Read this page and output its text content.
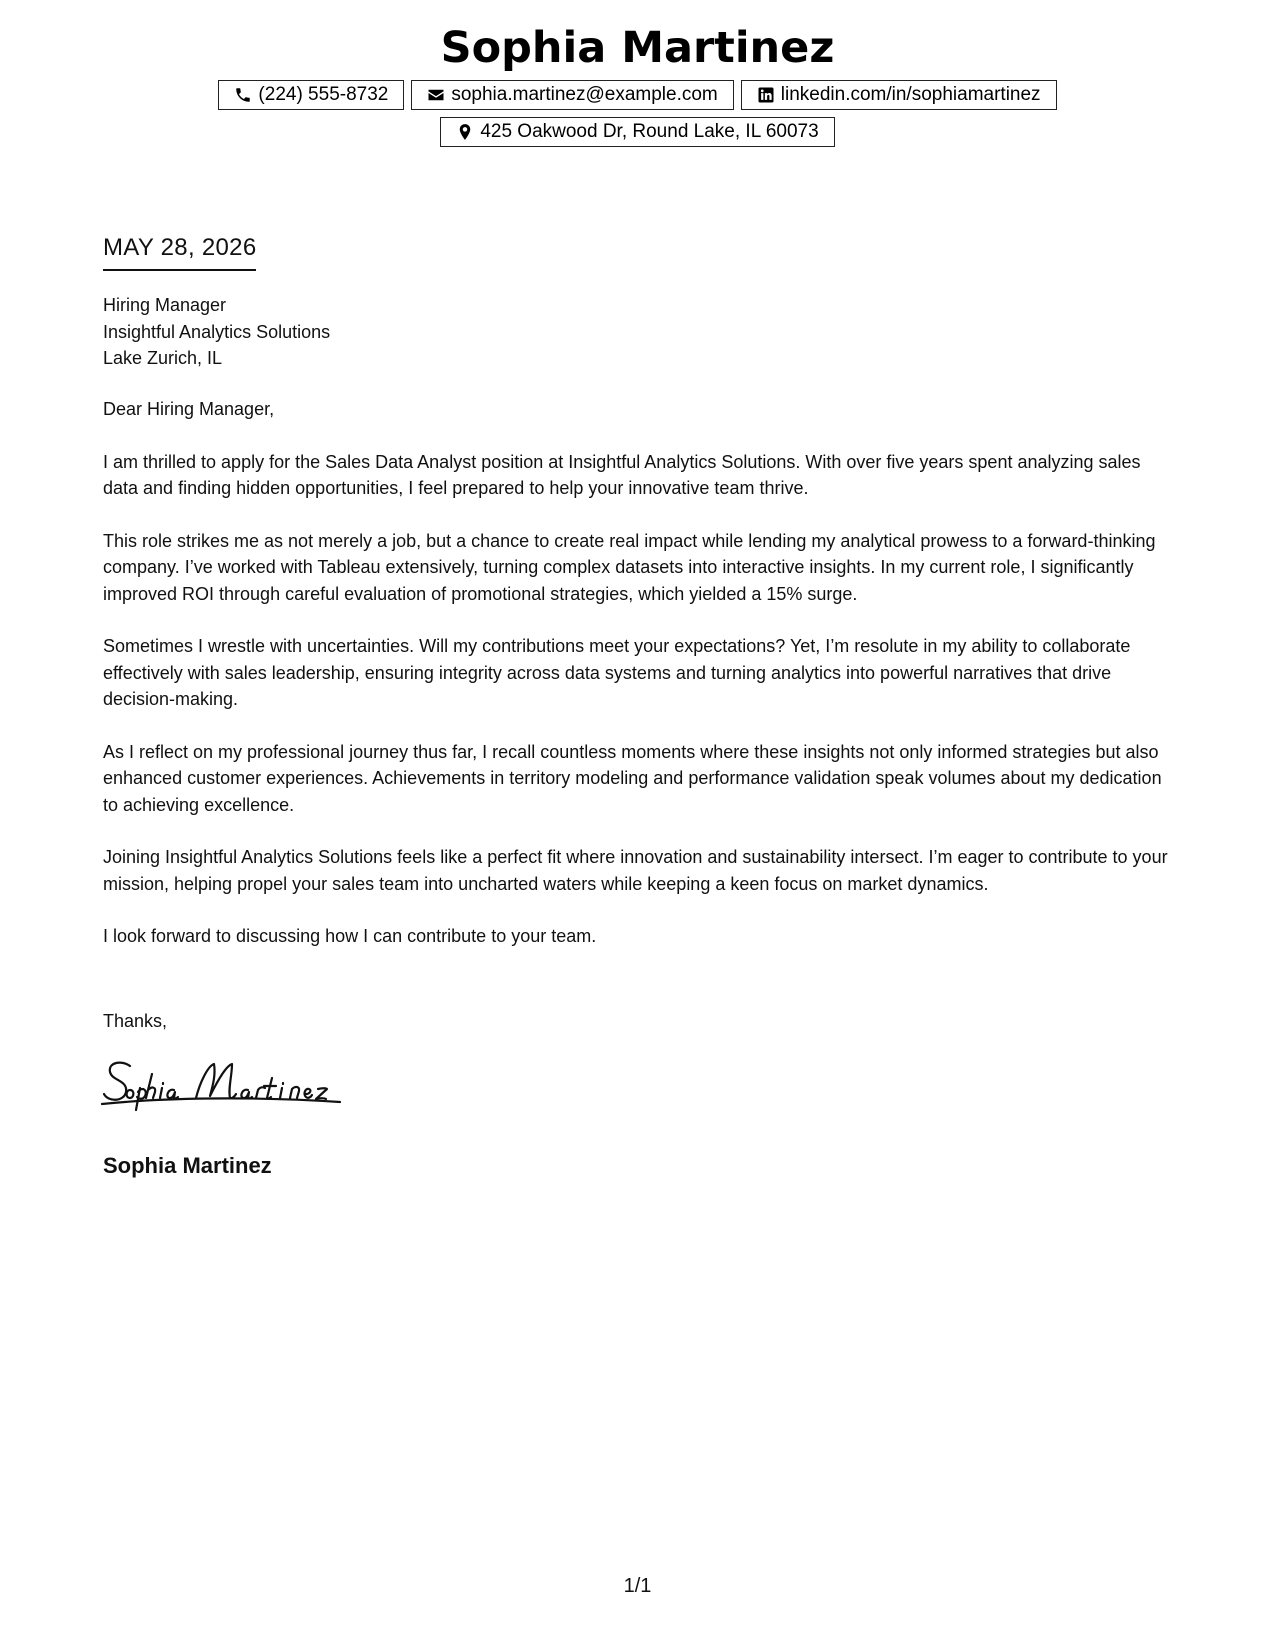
Sophia Martinez
(224) 555-8732	sophia.martinez@example.com	linkedin.com/in/sophiamartinez
425 Oakwood Dr, Round Lake, IL 60073
MAY 28, 2026
Hiring Manager
Insightful Analytics Solutions
Lake Zurich, IL

Dear Hiring Manager,

I am thrilled to apply for the Sales Data Analyst position at Insightful Analytics Solutions. With over five years spent analyzing sales data and finding hidden opportunities, I feel prepared to help your innovative team thrive.

This role strikes me as not merely a job, but a chance to create real impact while lending my analytical prowess to a forward-thinking company. I’ve worked with Tableau extensively, turning complex datasets into interactive insights. In my current role, I significantly improved ROI through careful evaluation of promotional strategies, which yielded a 15% surge.

Sometimes I wrestle with uncertainties. Will my contributions meet your expectations? Yet, I’m resolute in my ability to collaborate effectively with sales leadership, ensuring integrity across data systems and turning analytics into powerful narratives that drive decision-making.

As I reflect on my professional journey thus far, I recall countless moments where these insights not only informed strategies but also enhanced customer experiences. Achievements in territory modeling and performance validation speak volumes about my dedication to achieving excellence.

Joining Insightful Analytics Solutions feels like a perfect fit where innovation and sustainability intersect. I’m eager to contribute to your mission, helping propel your sales team into uncharted waters while keeping a keen focus on market dynamics.

I look forward to discussing how I can contribute to your team.

Thanks,
Sophia Martinez
1/1
